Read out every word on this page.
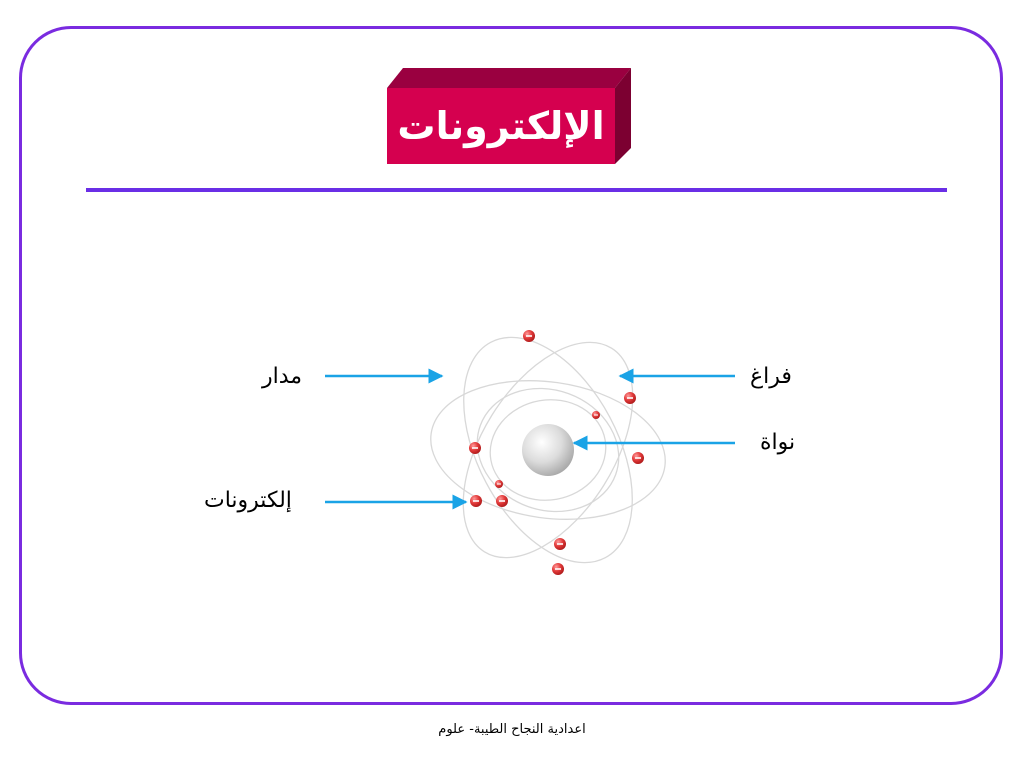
الإلكترونات
مدار	فراغ
نواة
إلكترونات
اعدادية النجاح الطيبة- علوم
